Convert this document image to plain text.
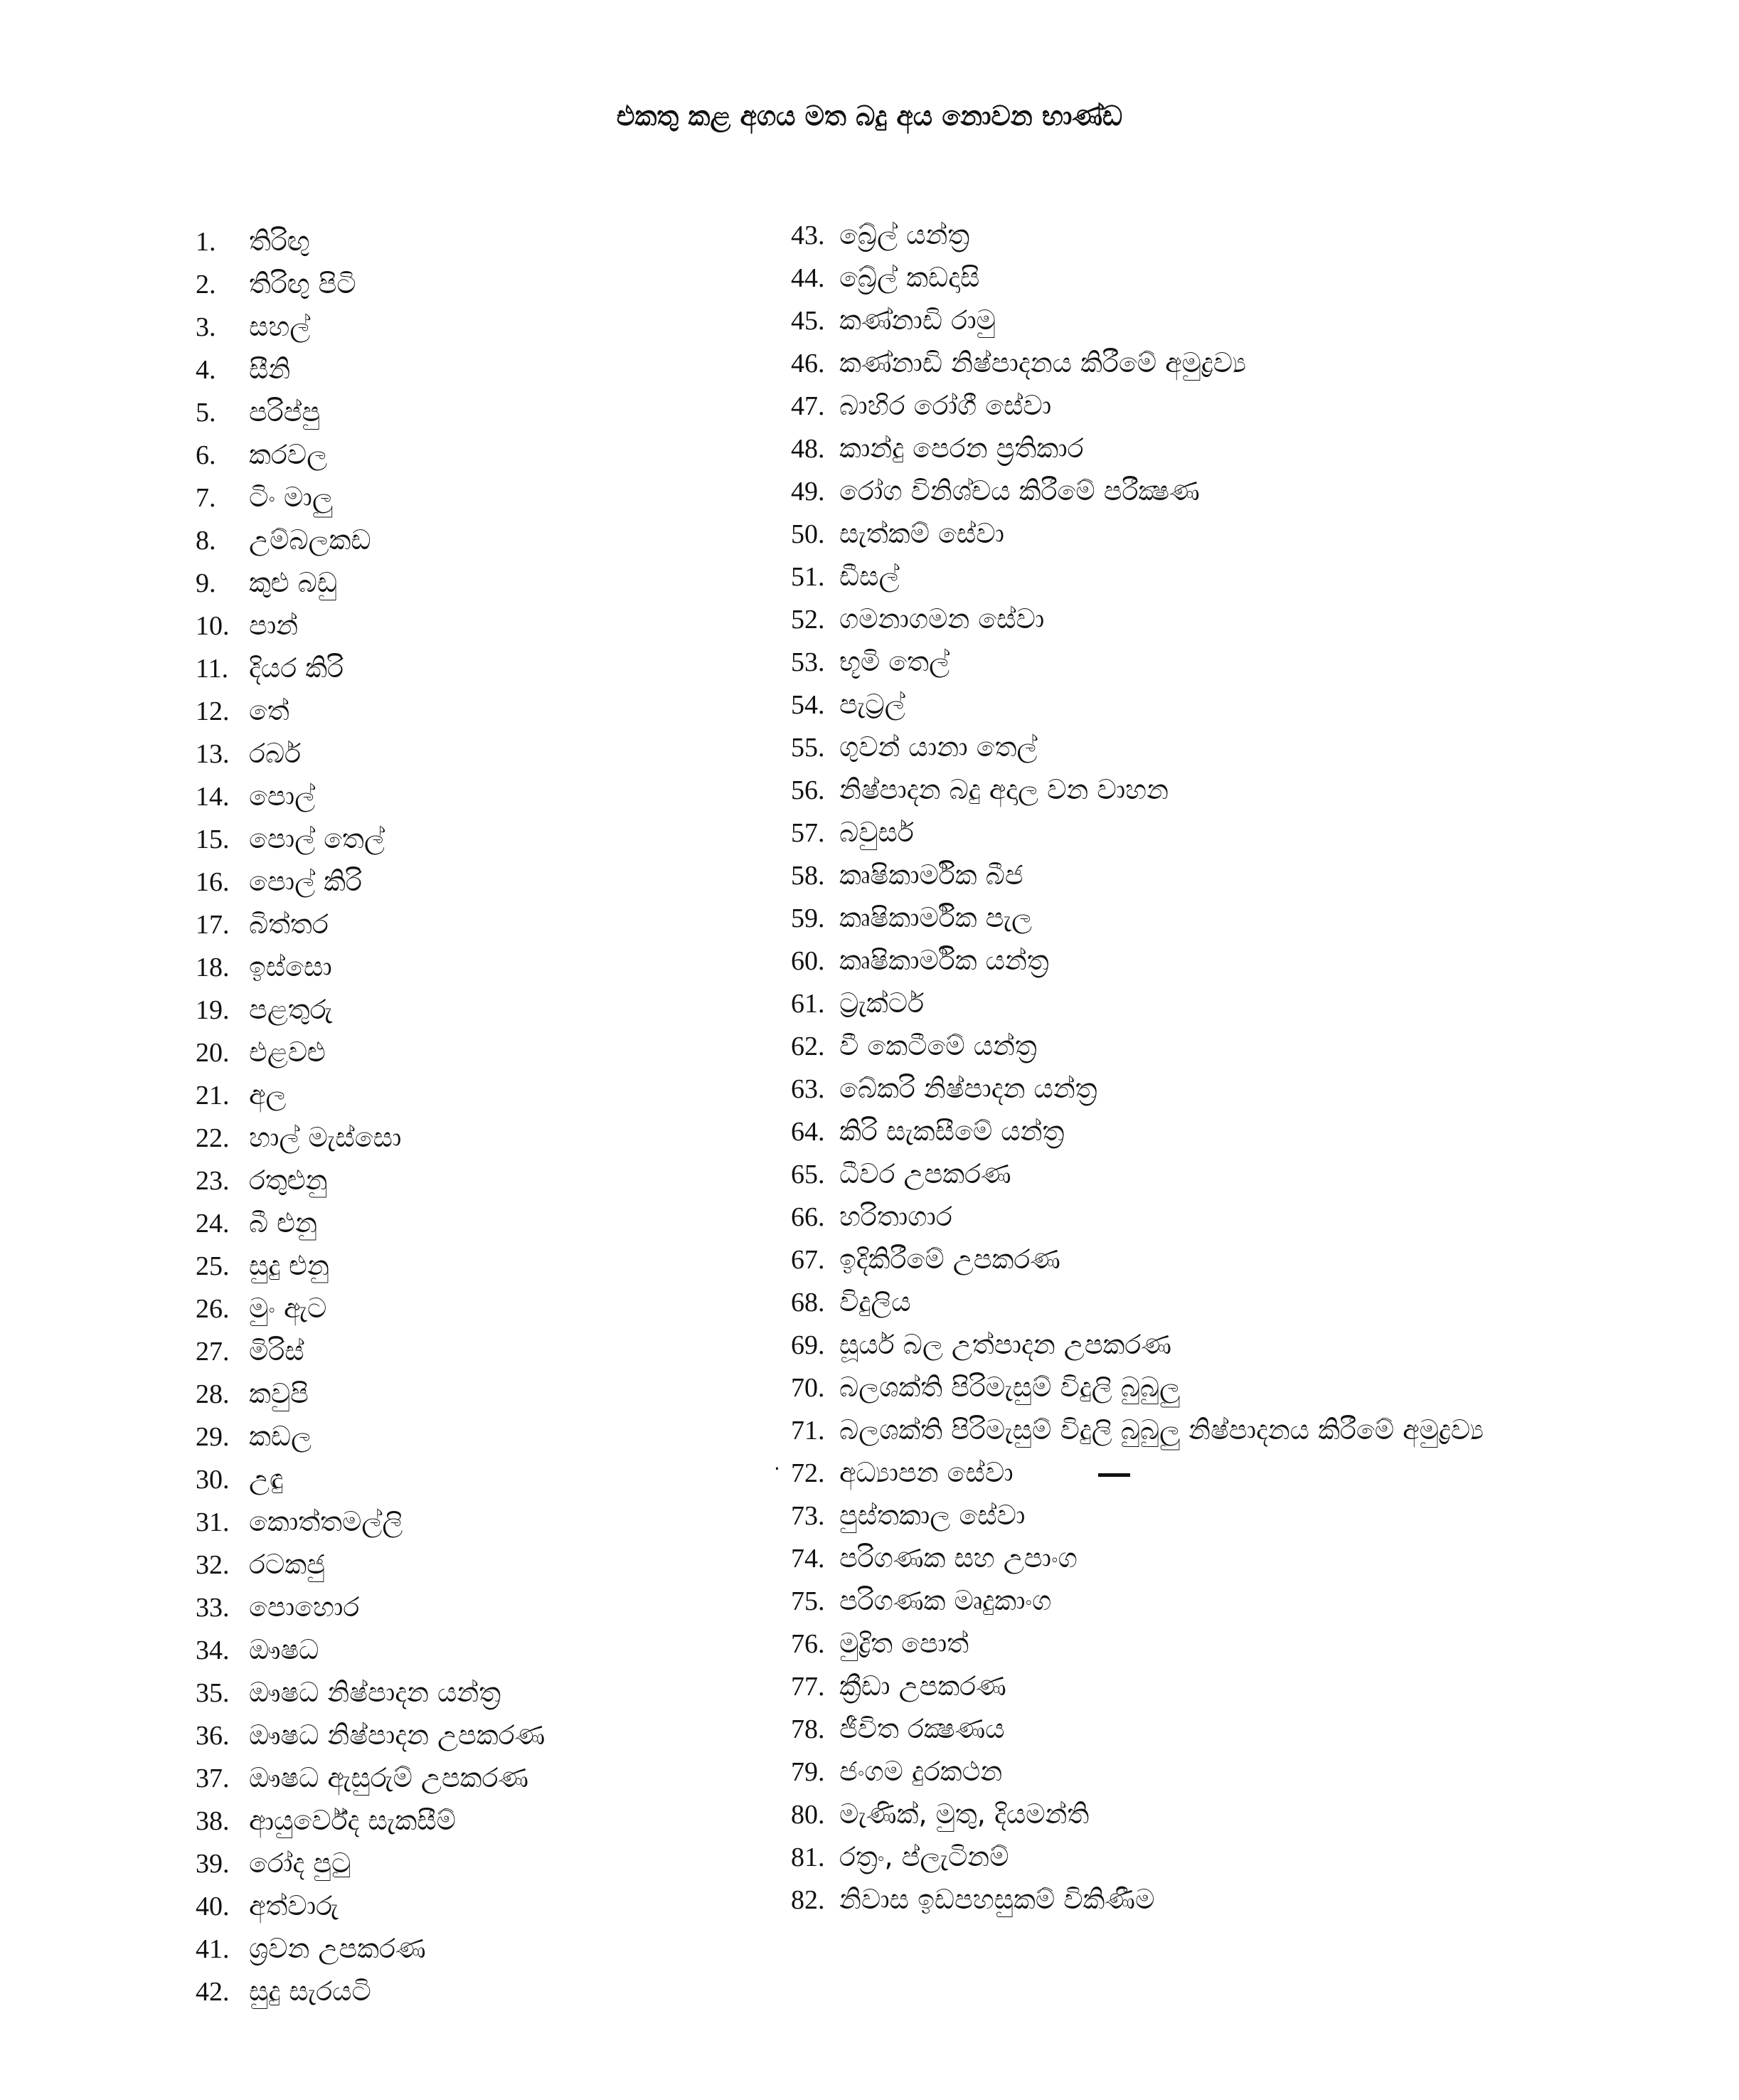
එකතු කළ අගය මත බදු අය නොවන භාණ්ඩ
1. තිරිඟු
2. තිරිඟු පිටි
3. සහල්
4. සීනි
5. පරිප්පු
6. කරවල
7. ටිං මාලු
8. උම්බලකඩ
9. කුළු බඩු
10. පාන්
11. දියර කිරි
12. තේ
13. රබර්
14. පොල්
15. පොල් තෙල්
16. පොල් කිරි
17. බිත්තර
18. ඉස්සො
19. පළතුරු
20. එළවළු
21. අල
22. හාල් මැස්සො
23. රතුළුනු
24. බී ළුනු
25. සුදු ළුනු
26. මුං ඇට
27. මිරිස්
28. කවුපි
29. කඩල
30. උඳු
31. කොත්තමල්ලි
32. රටකජු
33. පොහොර
34. ඖෂධ
35. ඖෂධ නිෂ්පාදන යන්ත්‍ර
36. ඖෂධ නිෂ්පාදන උපකරණ
37. ඖෂධ ඇසුරුම් උපකරණ
38. ආයුර්වේද සැකසීම්
39. රෝද පුටු
40. අත්වාරු
41. ශ්‍රවන උපකරණ
42. සුදු සැරයටි
43. බ්‍රේල් යන්ත්‍ර
44. බ්‍රේල් කඩදාසි
45. කණ්නාඩි රාමු
46. කණ්නාඩි නිෂ්පාදනය කිරීමේ අමුද්‍රව්‍ය
47. බාහිර රෝගී සේවා
48. කාන්දු පෙරන ප්‍රතිකාර
49. රෝග විනිශ්චය කිරීමේ පරීක්‍ෂණ
50. සැත්කම් සේවා
51. ඩීසල්
52. ගමනාගමන සේවා
53. භූමි තෙල්
54. පැට්‍රල්
55. ගුවන් යානා තෙල්
56. නිෂ්පාදන බදු අදාල වන වාහන
57. බවුසර්
58. කෘෂිකාර්මික බීජ
59. කෘෂිකාර්මික පැල
60. කෘෂිකාර්මික යන්ත්‍ර
61. ට්‍රැක්ටර්
62. වී කෙටීමේ යන්ත්‍ර
63. බේකරි නිෂ්පාදන යන්ත්‍ර
64. කිරි සැකසීමේ යන්ත්‍ර
65. ධීවර උපකරණ
66. හරිතාගාර
67. ඉදිකිරීමේ උපකරණ
68. විදුලිය
69. සූර්ය බල උත්පාදන උපකරණ
70. බලශක්ති පිරිමැසුම් විදුලි බුබුලු
71. බලශක්ති පිරිමැසුම් විදුලි බුබුලු නිෂ්පාදනය කිරීමේ අමුද්‍රව්‍ය
72. අධ්‍යාපන සේවා
73. පුස්තකාල සේවා
74. පරිගණක සහ උපාංග
75. පරිගණක මෘදුකාංග
76. මුද්‍රිත පොත්
77. ක්‍රීඩා උපකරණ
78. ජීවිත රක්‍ෂණය
79. ජංගම දුරකථන
80. මැණික්, මුතු, දියමන්ති
81. රත්‍රං, ප්ලැටිනම්
82. නිවාස ඉඩපහසුකම් විකිණීම
·
